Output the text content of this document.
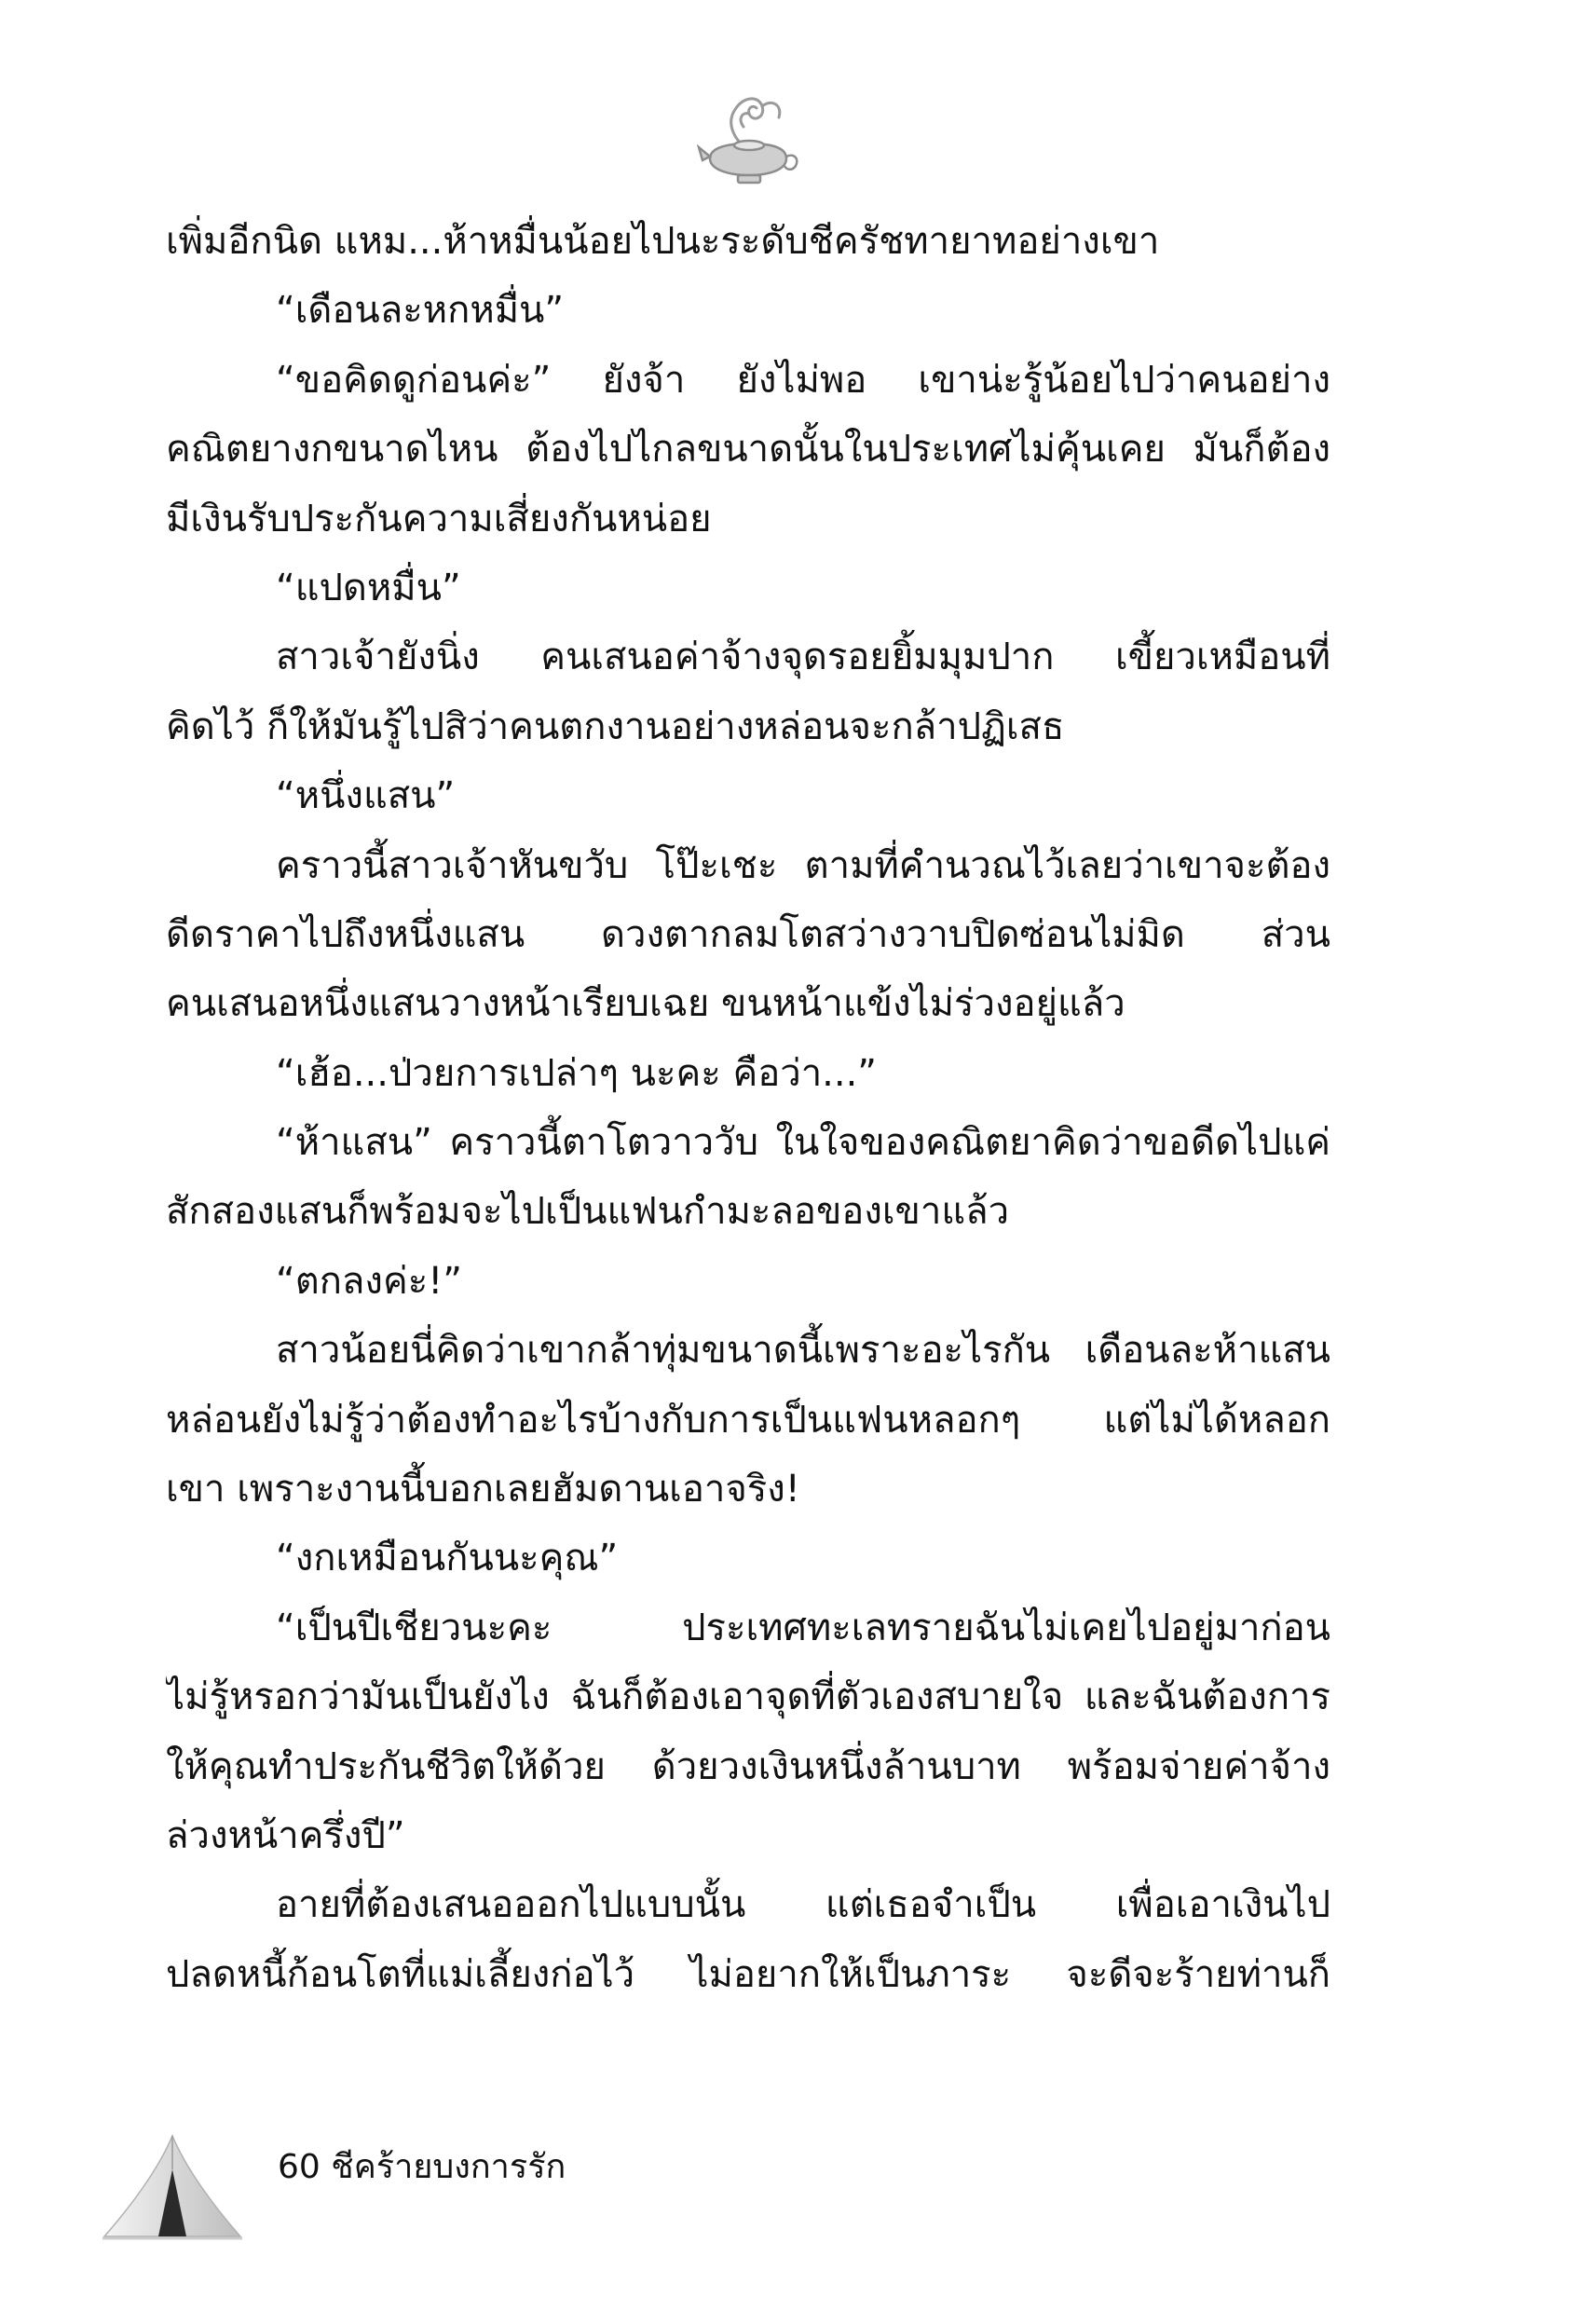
เพิ่มอีกนิด แหม...ห้าหมื่นน้อยไปนะระดับชีครัชทายาทอย่างเขา
“เดือนละหกหมื่น”
“ขอคิดดูก่อนค่ะ” ยังจ้า ยังไม่พอ เขาน่ะรู้น้อยไปว่าคนอย่าง
คณิตยางกขนาดไหน ต้องไปไกลขนาดนั้นในประเทศไม่คุ้นเคย มันก็ต้อง
มีเงินรับประกันความเสี่ยงกันหน่อย
“แปดหมื่น”
สาวเจ้ายังนิ่ง คนเสนอค่าจ้างจุดรอยยิ้มมุมปาก เขี้ยวเหมือนที่
คิดไว้ ก็ให้มันรู้ไปสิว่าคนตกงานอย่างหล่อนจะกล้าปฏิเสธ
“หนึ่งแสน”
คราวนี้สาวเจ้าหันขวับ โป๊ะเชะ ตามที่คำนวณไว้เลยว่าเขาจะต้อง
ดีดราคาไปถึงหนึ่งแสน ดวงตากลมโตสว่างวาบปิดซ่อนไม่มิด ส่วน
คนเสนอหนึ่งแสนวางหน้าเรียบเฉย ขนหน้าแข้งไม่ร่วงอยู่แล้ว
“เฮ้อ...ป่วยการเปล่าๆ นะคะ คือว่า...”
“ห้าแสน” คราวนี้ตาโตวาววับ ในใจของคณิตยาคิดว่าขอดีดไปแค่
สักสองแสนก็พร้อมจะไปเป็นแฟนกำมะลอของเขาแล้ว
“ตกลงค่ะ!”
สาวน้อยนี่คิดว่าเขากล้าทุ่มขนาดนี้เพราะอะไรกัน เดือนละห้าแสน
หล่อนยังไม่รู้ว่าต้องทำอะไรบ้างกับการเป็นแฟนหลอกๆ แต่ไม่ได้หลอก
เขา เพราะงานนี้บอกเลยฮัมดานเอาจริง!
“งกเหมือนกันนะคุณ”
“เป็นปีเชียวนะคะ ประเทศทะเลทรายฉันไม่เคยไปอยู่มาก่อน
ไม่รู้หรอกว่ามันเป็นยังไง ฉันก็ต้องเอาจุดที่ตัวเองสบายใจ และฉันต้องการ
ให้คุณทำประกันชีวิตให้ด้วย ด้วยวงเงินหนึ่งล้านบาท พร้อมจ่ายค่าจ้าง
ล่วงหน้าครึ่งปี”
อายที่ต้องเสนอออกไปแบบนั้น แต่เธอจำเป็น เพื่อเอาเงินไป
ปลดหนี้ก้อนโตที่แม่เลี้ยงก่อไว้ ไม่อยากให้เป็นภาระ จะดีจะร้ายท่านก็
60 ชีคร้ายบงการรัก
